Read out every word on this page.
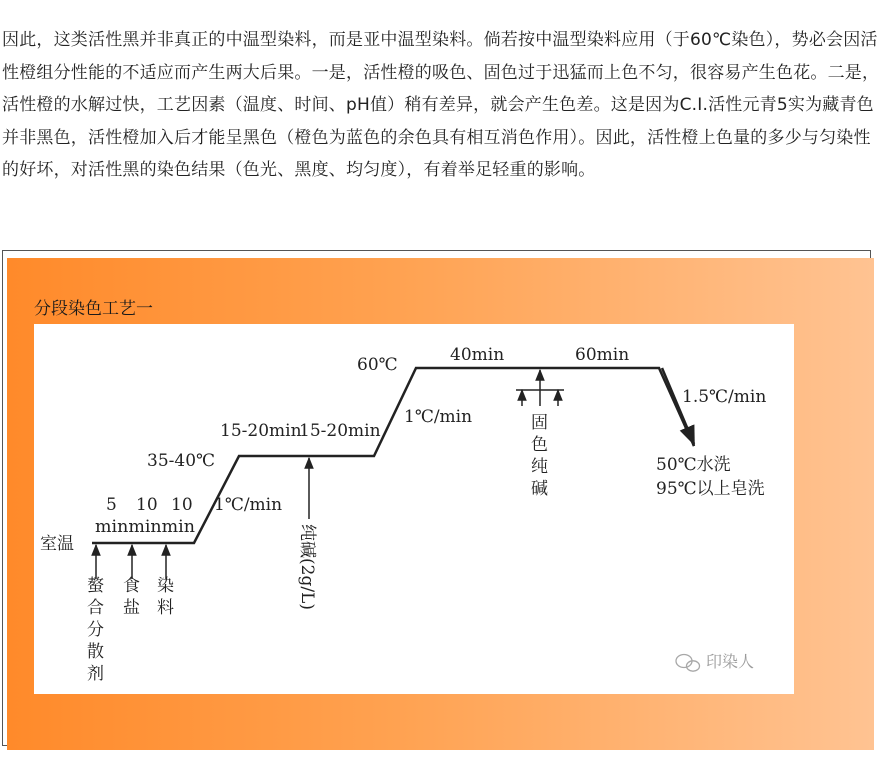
因此，这类活性黑并非真正的中温型染料，而是亚中温型染料。倘若按中温型染料应用（于60℃染色），势必会因活性橙组分性能的不适应而产生两大后果。一是，活性橙的吸色、固色过于迅猛而上色不匀，很容易产生色花。二是，活性橙的水解过快，工艺因素（温度、时间、pH值）稍有差异，就会产生色差。这是因为C.I.活性元青5实为藏青色并非黑色，活性橙加入后才能呈黑色（橙色为蓝色的余色具有相互消色作用）。因此，活性橙上色量的多少与匀染性的好坏，对活性黑的染色结果（色光、黑度、均匀度），有着举足轻重的影响。

分段染色工艺一
室温
35-40℃
60℃
5 10 10
minminmin
1℃/min
1℃/min
1.5℃/min
15-20min
15-20min
40min	60min
螯
合
分
散
剂
食
盐
染
料	纯碱(2g/L)
固
色
纯
碱
50℃水洗
95℃以上皂洗
印染人
